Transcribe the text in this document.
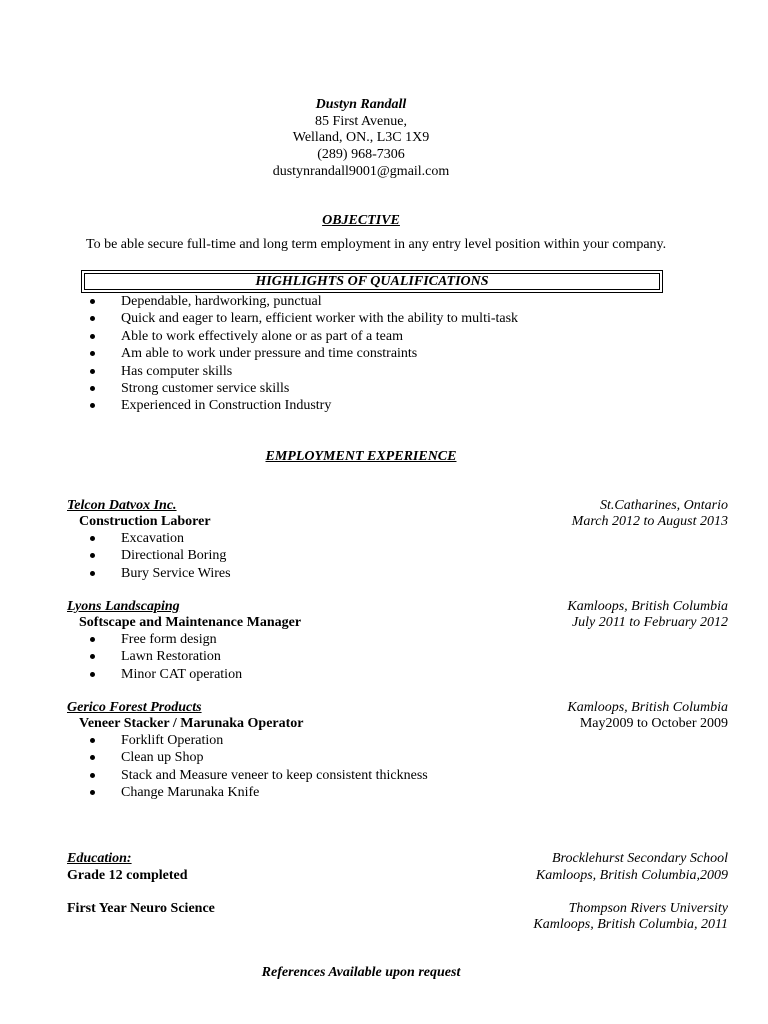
Dustyn Randall
85 First Avenue,
Welland, ON., L3C 1X9
(289) 968-7306
dustynrandall9001@gmail.com
OBJECTIVE
To be able secure full-time and long term employment in any entry level position within your company.
HIGHLIGHTS OF QUALIFICATIONS
Dependable, hardworking, punctual
Quick and eager to learn, efficient worker with the ability to multi-task
Able to work effectively alone or as part of a team
Am able to work under pressure and time constraints
Has computer skills
Strong customer service skills
Experienced in Construction Industry
EMPLOYMENT EXPERIENCE
Telcon Datvox Inc.	St.Catharines, Ontario
Construction Laborer	March 2012 to August 2013
Excavation
Directional Boring
Bury Service Wires
Lyons Landscaping	Kamloops, British Columbia
Softscape and Maintenance Manager	July 2011 to February 2012
Free form design
Lawn Restoration
Minor CAT operation
Gerico Forest Products	Kamloops, British Columbia
Veneer Stacker / Marunaka Operator	May2009 to October 2009
Forklift Operation
Clean up Shop
Stack and Measure veneer to keep consistent thickness
Change Marunaka Knife
Education:	Brocklehurst Secondary School
Grade 12 completed	Kamloops, British Columbia,2009
First Year Neuro Science	Thompson Rivers University
Kamloops, British Columbia, 2011
References Available upon request
